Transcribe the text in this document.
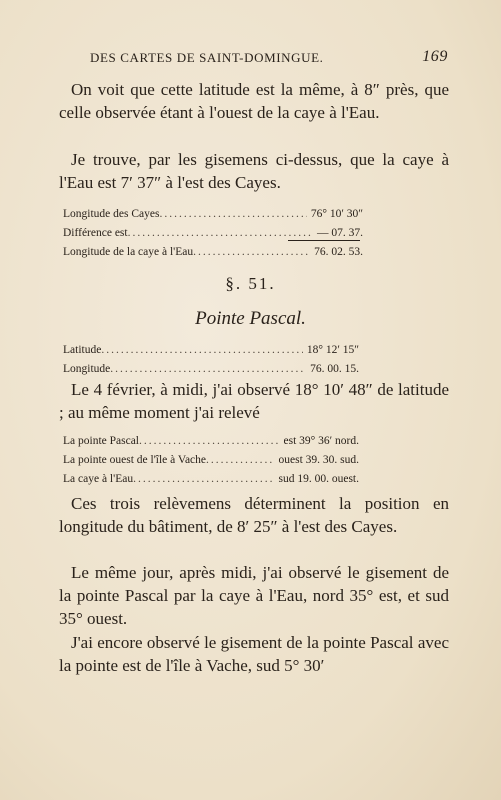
DES CARTES DE SAINT-DOMINGUE.	169

On voit que cette latitude est la même, à 8″ près, que celle observée étant à l'ouest de la caye à l'Eau.

Je trouve, par les gisemens ci-dessus, que la caye à l'Eau est 7′ 37″ à l'est des Cayes.

Longitude des Cayes .....	76° 10′ 30″
Différence est .....	— 07. 37.
Longitude de la caye à l'Eau .....	76. 02. 53.
§. 51.
Pointe Pascal.
Latitude .....	18° 12′ 15″
Longitude .....	76. 00. 15.

Le 4 février, à midi, j'ai observé 18° 10′ 48″ de latitude ; au même moment j'ai relevé

La pointe Pascal .....	est 39° 36′ nord.
La pointe ouest de l'île à Vache .....	ouest 39. 30. sud.
La caye à l'Eau .....	sud 19. 00. ouest.

Ces trois relèvemens déterminent la position en longitude du bâtiment, de 8′ 25″ à l'est des Cayes.

Le même jour, après midi, j'ai observé le gisement de la pointe Pascal par la caye à l'Eau, nord 35° est, et sud 35° ouest.

J'ai encore observé le gisement de la pointe Pascal avec la pointe est de l'île à Vache, sud 5° 30′
